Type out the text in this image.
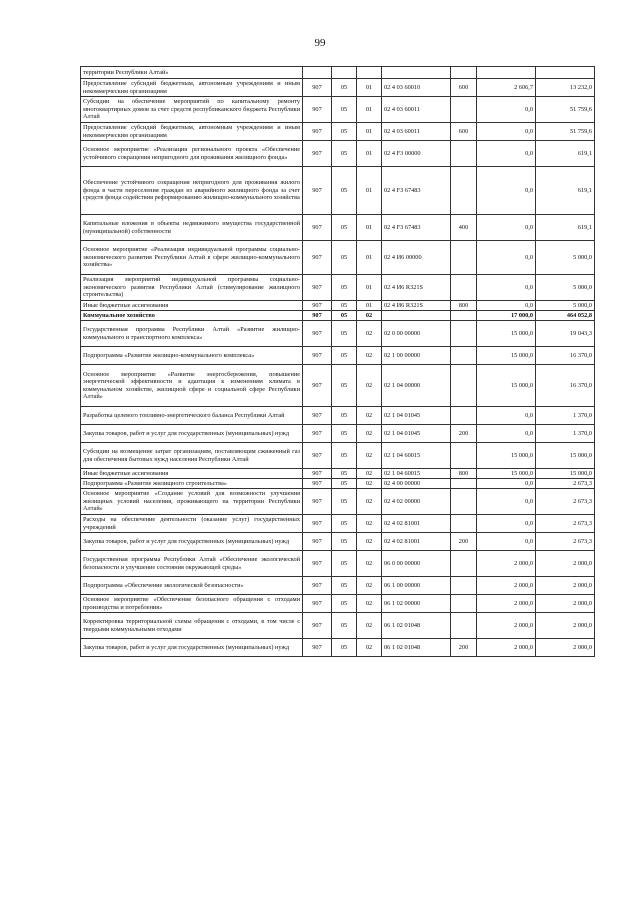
99
территории Республики Алтай»							
Предоставление субсидий бюджетным, автономным учреждениям и иным некоммерческим организациям	907	05	01	02 4 03 60010	600	2 606,7	13 232,0
Субсидии на обеспечение мероприятий по капитальному ремонту многоквартирных домов за счет средств республиканского бюджета Республики Алтай	907	05	01	02 4 03 60011		0,0	51 759,6
Предоставление субсидий бюджетным, автономным учреждениям и иным некоммерческим организациям	907	05	01	02 4 03 60011	600	0,0	51 759,6
Основное мероприятие «Реализация регионального проекта «Обеспечение устойчивого сокращения непригодного для проживания жилищного фонда»	907	05	01	02 4 F3 00000		0,0	619,1
Обеспечение устойчивого сокращения непригодного для проживания жилого фонда в части переселения граждан из аварийного жилищного фонда за счет средств фонда содействия реформированию жилищно-коммунального хозяйства	907	05	01	02 4 F3 67483		0,0	619,1
Капитальные вложения в объекты недвижимого имущества государственной (муниципальной) собственности	907	05	01	02 4 F3 67483	400	0,0	619,1
Основное мероприятие «Реализация индивидуальной программы социально-экономического развития Республики Алтай в сфере жилищно-коммунального хозяйства»	907	05	01	02 4 И6 00000		0,0	5 000,0
Реализация мероприятий индивидуальной программы социально-экономического развития Республики Алтай (стимулирование жилищного строительства)	907	05	01	02 4 И6 R321S		0,0	5 000,0
Иные бюджетные ассигнования	907	05	01	02 4 И6 R321S	800	0,0	5 000,0
Коммунальное хозяйство	907	05	02			17 000,0	464 052,8
Государственная программа Республики Алтай «Развитие жилищно-коммунального и транспортного комплекса»	907	05	02	02 0 00 00000		15 000,0	19 043,3
Подпрограмма «Развитие жилищно-коммунального комплекса»	907	05	02	02 1 00 00000		15 000,0	16 370,0
Основное мероприятие «Развитие энергосбережения, повышение энергетической эффективности и адаптация к изменениям климата в коммунальном хозяйстве, жилищной сфере и социальной сфере Республики Алтай»	907	05	02	02 1 04 00000		15 000,0	16 370,0
Разработка целевого топливно-энергетического баланса Республики Алтай	907	05	02	02 1 04 01045		0,0	1 370,0
Закупка товаров, работ и услуг для государственных (муниципальных) нужд	907	05	02	02 1 04 01045	200	0,0	1 370,0
Субсидии на возмещение затрат организациям, поставляющим сжиженный газ для обеспечения бытовых нужд населения Республики Алтай	907	05	02	02 1 04 60015		15 000,0	15 000,0
Иные бюджетные ассигнования	907	05	02	02 1 04 60015	800	15 000,0	15 000,0
Подпрограмма «Развитие жилищного строительства»	907	05	02	02 4 00 00000		0,0	2 673,3
Основное мероприятие «Создание условий для возможности улучшения жилищных условий населения, проживающего на территории Республики Алтай»	907	05	02	02 4 02 00000		0,0	2 673,3
Расходы на обеспечение деятельности (оказание услуг) государственных учреждений	907	05	02	02 4 02 81001		0,0	2 673,3
Закупка товаров, работ и услуг для государственных (муниципальных) нужд	907	05	02	02 4 02 81001	200	0,0	2 673,3
Государственная программа Республики Алтай «Обеспечение экологической безопасности и улучшение состояния окружающей среды»	907	05	02	06 0 00 00000		2 000,0	2 000,0
Подпрограмма «Обеспечение экологической безопасности»	907	05	02	06 1 00 00000		2 000,0	2 000,0
Основное мероприятие «Обеспечение безопасного обращения с отходами производства и потребления»	907	05	02	06 1 02 00000		2 000,0	2 000,0
Корректировка территориальной схемы обращения с отходами, в том числе с твердыми коммунальными отходами	907	05	02	06 1 02 01048		2 000,0	2 000,0
Закупка товаров, работ и услуг для государственных (муниципальных) нужд	907	05	02	06 1 02 01048	200	2 000,0	2 000,0
